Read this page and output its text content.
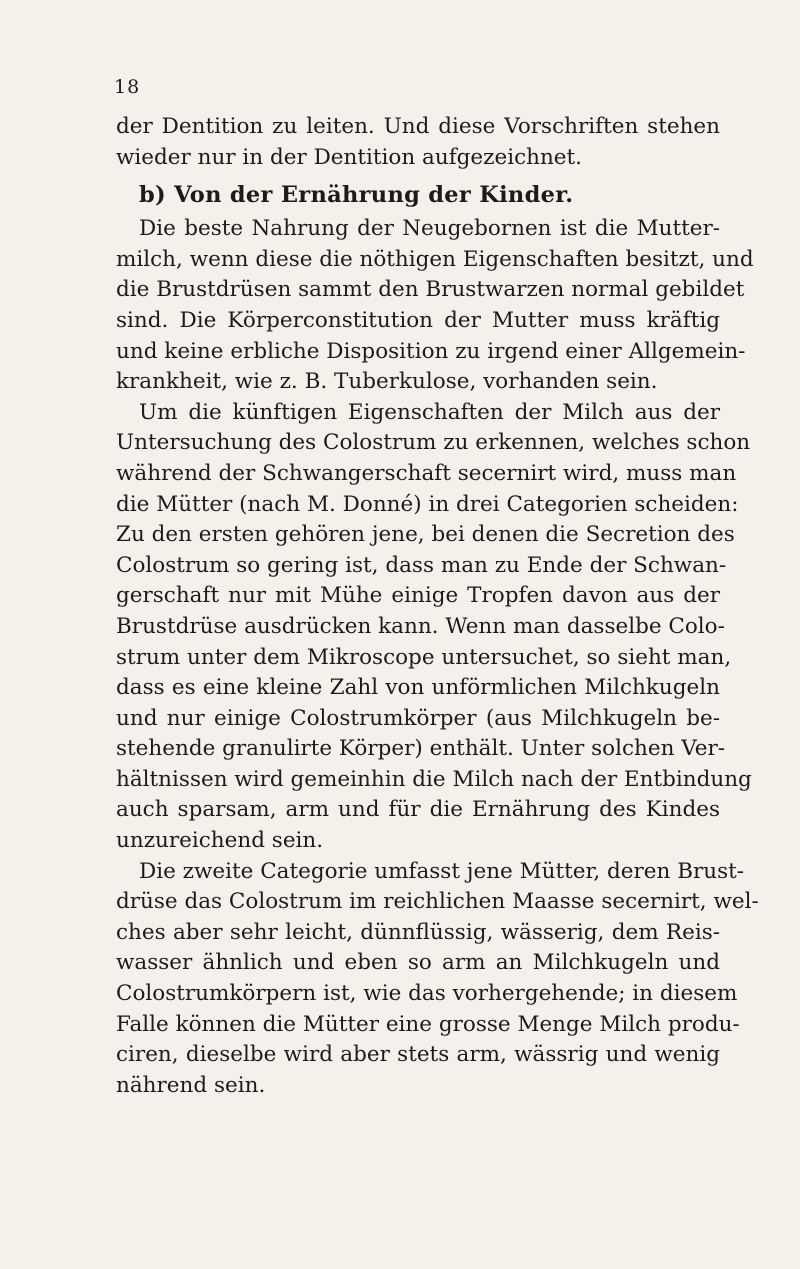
18
der Dentition zu leiten. Und diese Vorschriften stehen
wieder nur in der Dentition aufgezeichnet.
b) Von der Ernährung der Kinder.
Die beste Nahrung der Neugebornen ist die Mutter-
milch, wenn diese die nöthigen Eigenschaften besitzt, und
die Brustdrüsen sammt den Brustwarzen normal gebildet
sind. Die Körperconstitution der Mutter muss kräftig
und keine erbliche Disposition zu irgend einer Allgemein-
krankheit, wie z. B. Tuberkulose, vorhanden sein.
Um die künftigen Eigenschaften der Milch aus der
Untersuchung des Colostrum zu erkennen, welches schon
während der Schwangerschaft secernirt wird, muss man
die Mütter (nach M. Donné) in drei Categorien scheiden:
Zu den ersten gehören jene, bei denen die Secretion des
Colostrum so gering ist, dass man zu Ende der Schwan-
gerschaft nur mit Mühe einige Tropfen davon aus der
Brustdrüse ausdrücken kann. Wenn man dasselbe Colo-
strum unter dem Mikroscope untersuchet, so sieht man,
dass es eine kleine Zahl von unförmlichen Milchkugeln
und nur einige Colostrumkörper (aus Milchkugeln be-
stehende granulirte Körper) enthält. Unter solchen Ver-
hältnissen wird gemeinhin die Milch nach der Entbindung
auch sparsam, arm und für die Ernährung des Kindes
unzureichend sein.
Die zweite Categorie umfasst jene Mütter, deren Brust-
drüse das Colostrum im reichlichen Maasse secernirt, wel-
ches aber sehr leicht, dünnflüssig, wässerig, dem Reis-
wasser ähnlich und eben so arm an Milchkugeln und
Colostrumkörpern ist, wie das vorhergehende; in diesem
Falle können die Mütter eine grosse Menge Milch produ-
ciren, dieselbe wird aber stets arm, wässrig und wenig
nährend sein.
